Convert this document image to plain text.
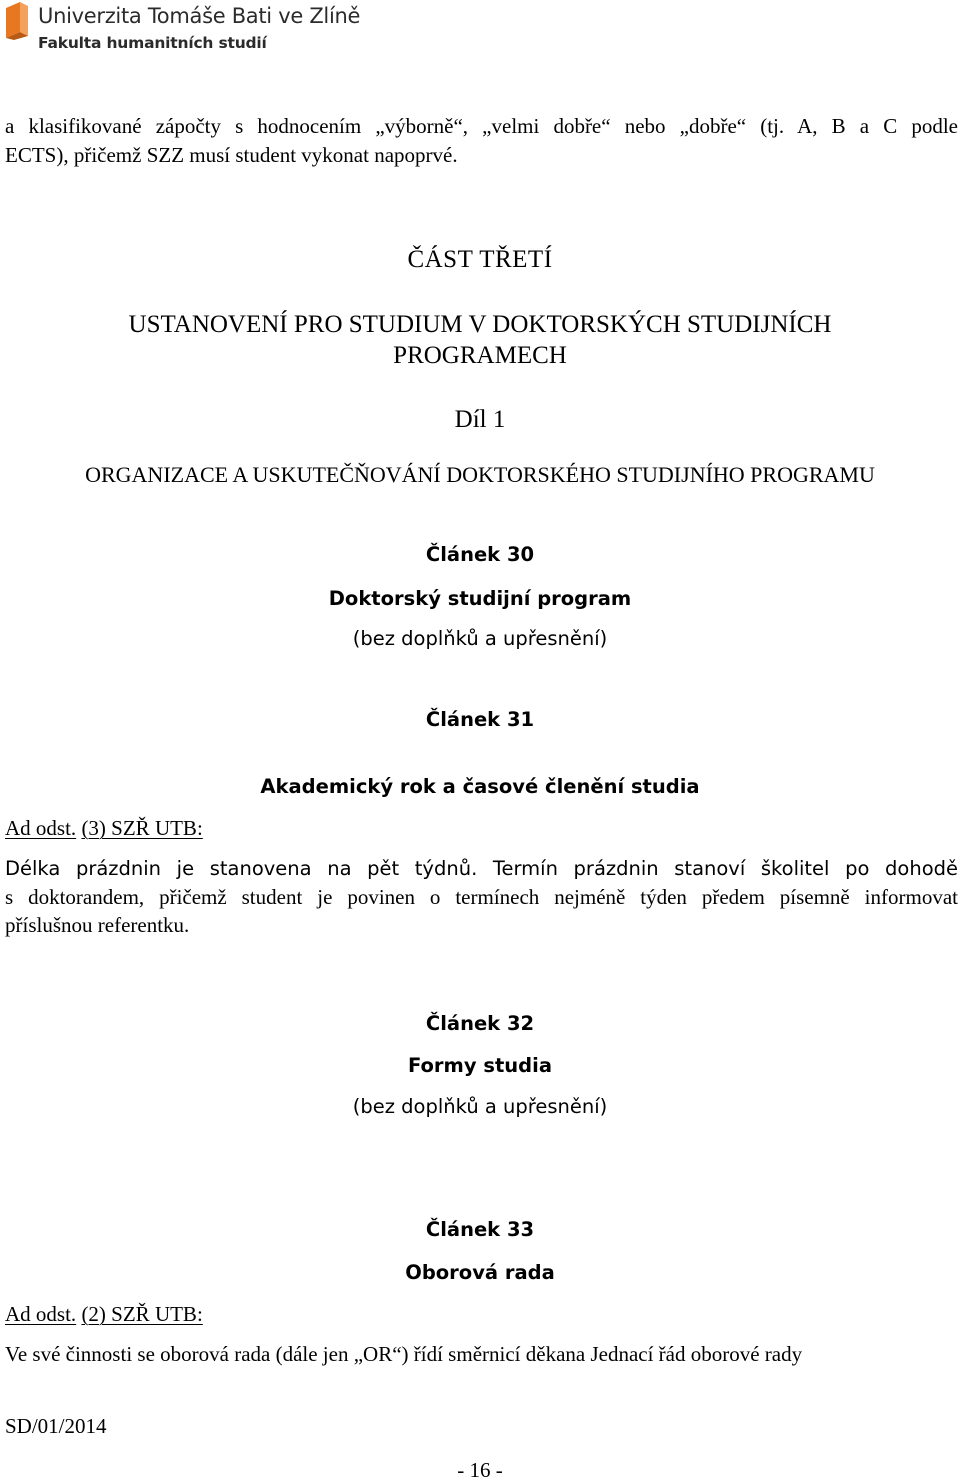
Univerzita Tomáše Bati ve Zlíně
Fakulta humanitních studií
a klasifikované zápočty s hodnocením „výborně“, „velmi dobře“ nebo „dobře“ (tj. A, B a C podle
ECTS), přičemž SZZ musí student vykonat napoprvé.
ČÁST TŘETÍ
USTANOVENÍ PRO STUDIUM V DOKTORSKÝCH STUDIJNÍCH
PROGRAMECH
Díl 1
ORGANIZACE A USKUTEČŇOVÁNÍ DOKTORSKÉHO STUDIJNÍHO PROGRAMU
Článek 30
Doktorský studijní program
(bez doplňků a upřesnění)
Článek 31
Akademický rok a časové členění studia
Ad odst. (3) SZŘ UTB:
Délka prázdnin je stanovena na pět týdnů. Termín prázdnin stanoví školitel po dohodě
s doktorandem, přičemž student je povinen o termínech nejméně týden předem písemně informovat
příslušnou referentku.
Článek 32
Formy studia
(bez doplňků a upřesnění)
Článek 33
Oborová rada
Ad odst. (2) SZŘ UTB:
Ve své činnosti se oborová rada (dále jen „OR“) řídí směrnicí děkana Jednací řád oborové rady
SD/01/2014
- 16 -
